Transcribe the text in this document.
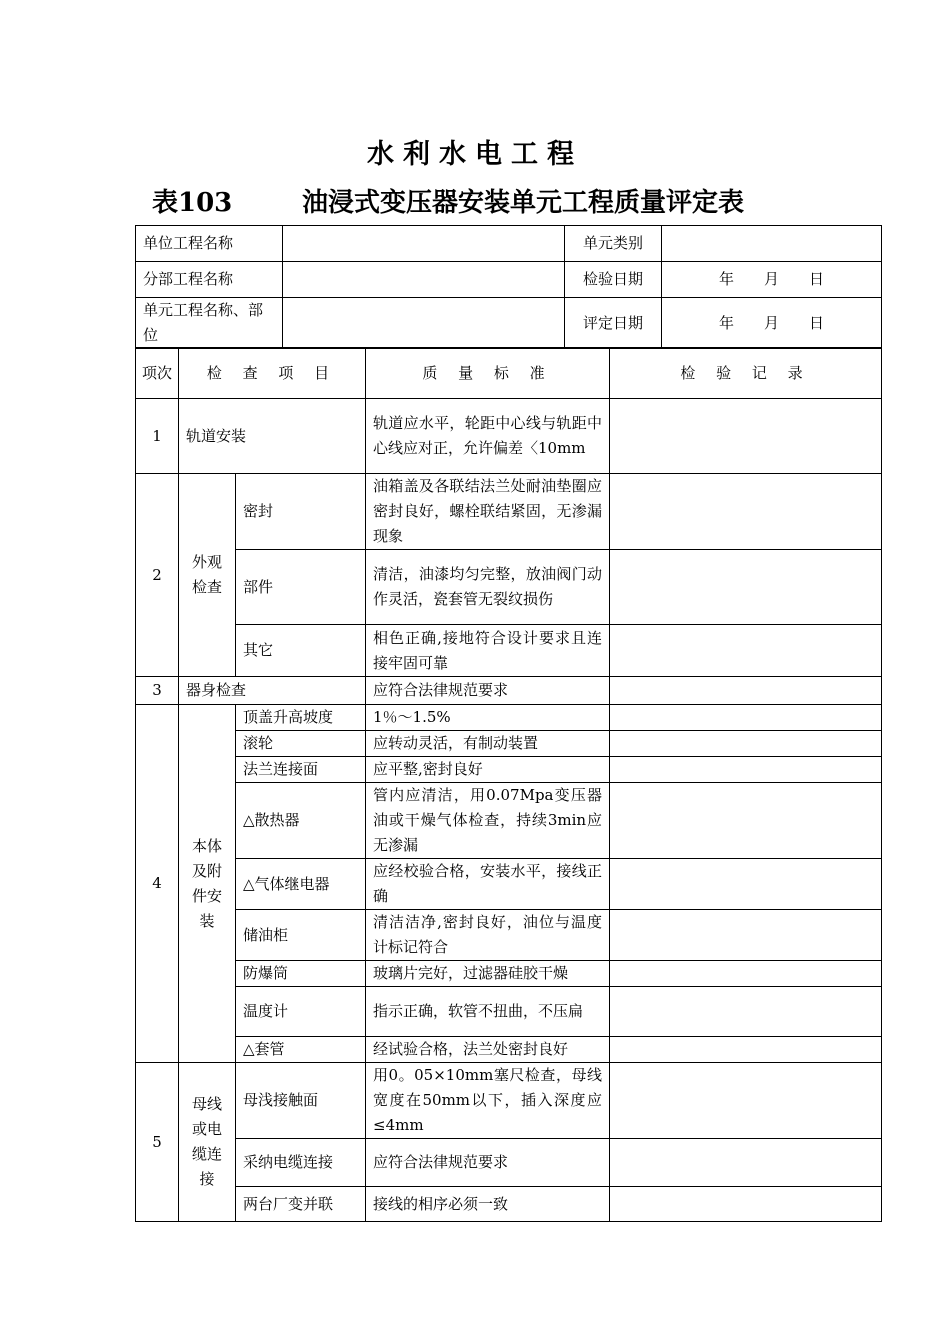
水利水电工程
表103	油浸式变压器安装单元工程质量评定表
单位工程名称		单元类别	
分部工程名称		检验日期	年　　月　　日
单元工程名称、部位		评定日期	年　　月　　日
项次	检 查 项 目		质 量 标 准	检 验 记 录
1	轨道安装		轨道应水平，轮距中心线与轨距中心线应对正，允许偏差〈10mm	
2	外观检查	密封	油箱盖及各联结法兰处耐油垫圈应密封良好，螺栓联结紧固，无渗漏现象	
		部件	清洁，油漆均匀完整，放油阀门动作灵活，瓷套管无裂纹损伤	
		其它	相色正确,接地符合设计要求且连接牢固可靠	
3	器身检查		应符合法律规范要求	
4	本体及附件安装	顶盖升高坡度	1％～1.5%	
		滚轮	应转动灵活，有制动装置	
		法兰连接面	应平整,密封良好	
		△散热器	管内应清洁，用0.07Mpa变压器油或干燥气体检查，持续3min应无渗漏	
		△气体继电器	应经校验合格，安装水平，接线正确	
		储油柜	清洁洁净,密封良好，油位与温度计标记符合	
		防爆筒	玻璃片完好，过滤器硅胶干燥	
		温度计	指示正确，软管不扭曲，不压扁	
		△套管	经试验合格，法兰处密封良好	
5	母线或电缆连接	母浅接触面	用0。05×10mm塞尺检查，母线宽度在50mm以下，插入深度应≤4mm	
		采纳电缆连接	应符合法律规范要求	
		两台厂变并联	接线的相序必须一致	
